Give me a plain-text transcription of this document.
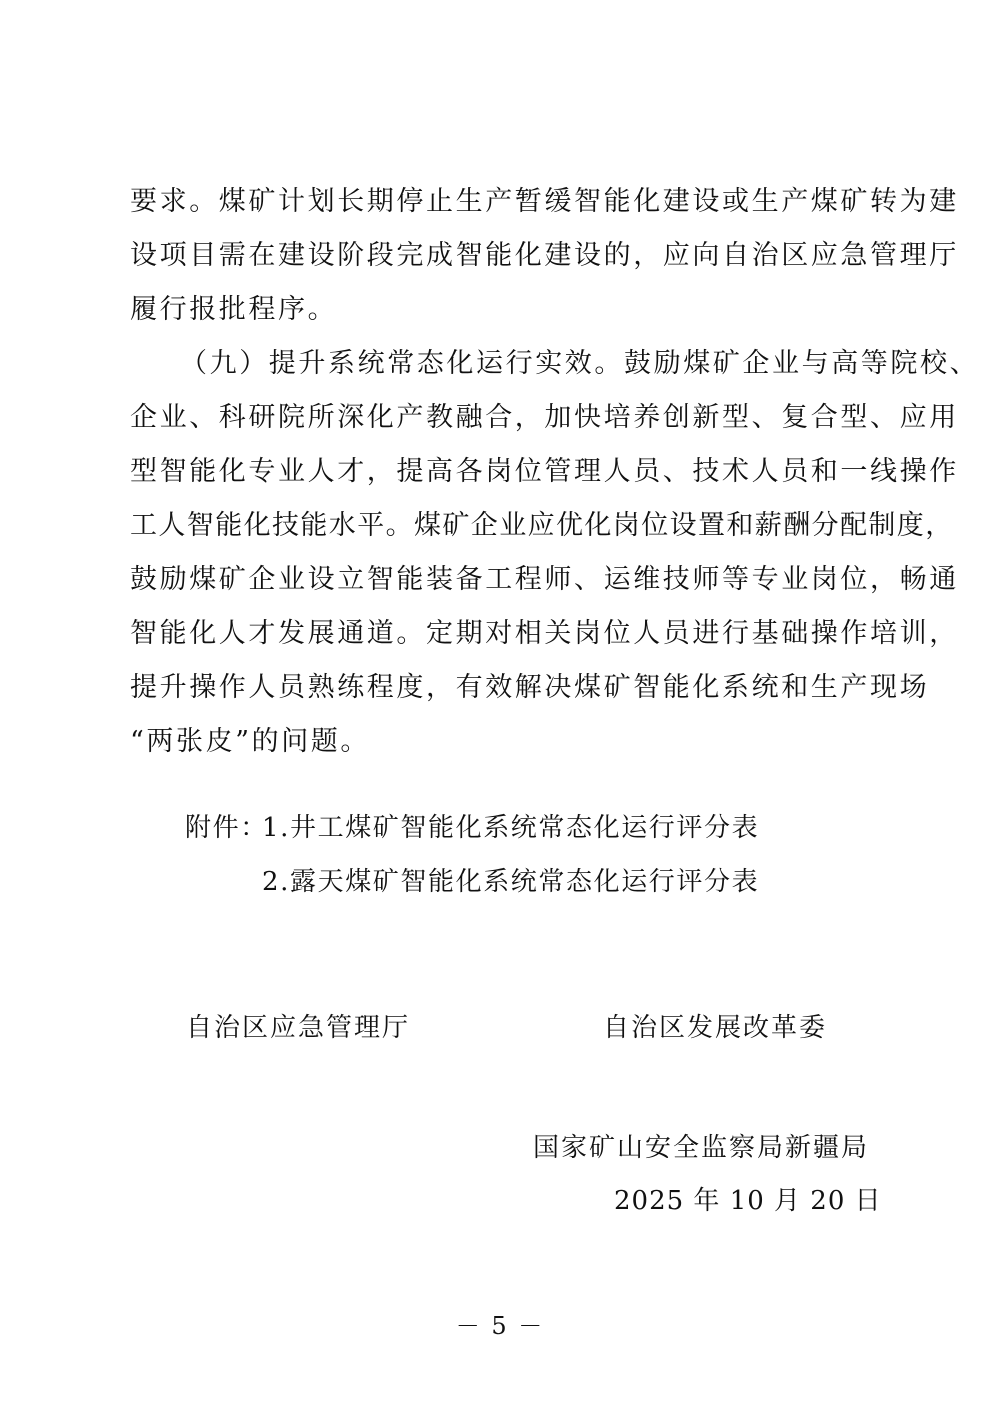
要求。煤矿计划长期停止生产暂缓智能化建设或生产煤矿转为建
设项目需在建设阶段完成智能化建设的，应向自治区应急管理厅
履行报批程序。
（九）提升系统常态化运行实效。鼓励煤矿企业与高等院校、
企业、科研院所深化产教融合，加快培养创新型、复合型、应用
型智能化专业人才，提高各岗位管理人员、技术人员和一线操作
工人智能化技能水平。煤矿企业应优化岗位设置和薪酬分配制度，
鼓励煤矿企业设立智能装备工程师、运维技师等专业岗位，畅通
智能化人才发展通道。定期对相关岗位人员进行基础操作培训，
提升操作人员熟练程度，有效解决煤矿智能化系统和生产现场
“两张皮”的问题。
附件：
1.井工煤矿智能化系统常态化运行评分表
2.露天煤矿智能化系统常态化运行评分表
自治区应急管理厅	自治区发展改革委
国家矿山安全监察局新疆局
2025 年 10 月 20 日
－ 5 －
